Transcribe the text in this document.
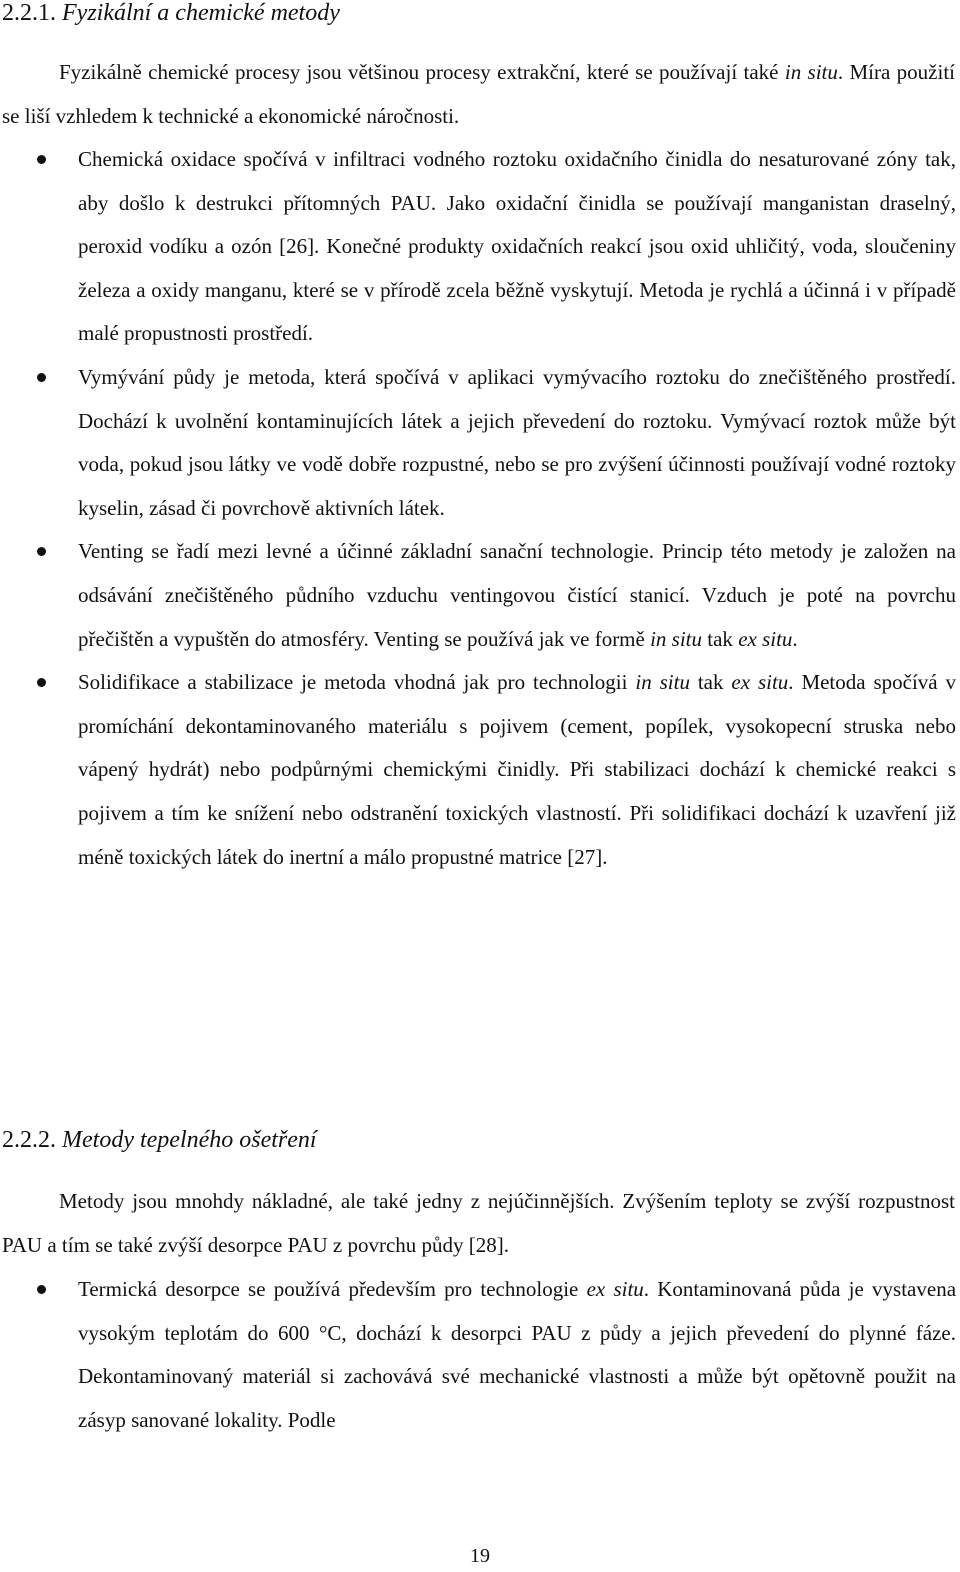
2.2.1. Fyzikální a chemické metody

Fyzikálně chemické procesy jsou většinou procesy extrakční, které se používají také in situ. Míra použití se liší vzhledem k technické a ekonomické náročnosti.

Chemická oxidace spočívá v infiltraci vodného roztoku oxidačního činidla do nesaturované zóny tak, aby došlo k destrukci přítomných PAU. Jako oxidační činidla se používají manganistan draselný, peroxid vodíku a ozón [26]. Konečné produkty oxidačních reakcí jsou oxid uhličitý, voda, sloučeniny železa a oxidy manganu, které se v přírodě zcela běžně vyskytují. Metoda je rychlá a účinná i v případě malé propustnosti prostředí.
Vymývání půdy je metoda, která spočívá v aplikaci vymývacího roztoku do znečištěného prostředí. Dochází k uvolnění kontaminujících látek a jejich převedení do roztoku. Vymývací roztok může být voda, pokud jsou látky ve vodě dobře rozpustné, nebo se pro zvýšení účinnosti používají vodné roztoky kyselin, zásad či povrchově aktivních látek.
Venting se řadí mezi levné a účinné základní sanační technologie. Princip této metody je založen na odsávání znečištěného půdního vzduchu ventingovou čistící stanicí. Vzduch je poté na povrchu přečištěn a vypuštěn do atmosféry. Venting se používá jak ve formě in situ tak ex situ.
Solidifikace a stabilizace je metoda vhodná jak pro technologii in situ tak ex situ. Metoda spočívá v promíchání dekontaminovaného materiálu s pojivem (cement, popílek, vysokopecní struska nebo vápený hydrát) nebo podpůrnými chemickými činidly. Při stabilizaci dochází k chemické reakci s pojivem a tím ke snížení nebo odstranění toxických vlastností. Při solidifikaci dochází k uzavření již méně toxických látek do inertní a málo propustné matrice [27].
2.2.2. Metody tepelného ošetření

Metody jsou mnohdy nákladné, ale také jedny z nejúčinnějších. Zvýšením teploty se zvýší rozpustnost PAU a tím se také zvýší desorpce PAU z povrchu půdy [28].

Termická desorpce se používá především pro technologie ex situ. Kontaminovaná půda je vystavena vysokým teplotám do 600 °C, dochází k desorpci PAU z půdy a jejich převedení do plynné fáze. Dekontaminovaný materiál si zachovává své mechanické vlastnosti a může být opětovně použit na zásyp sanované lokality. Podle
19
